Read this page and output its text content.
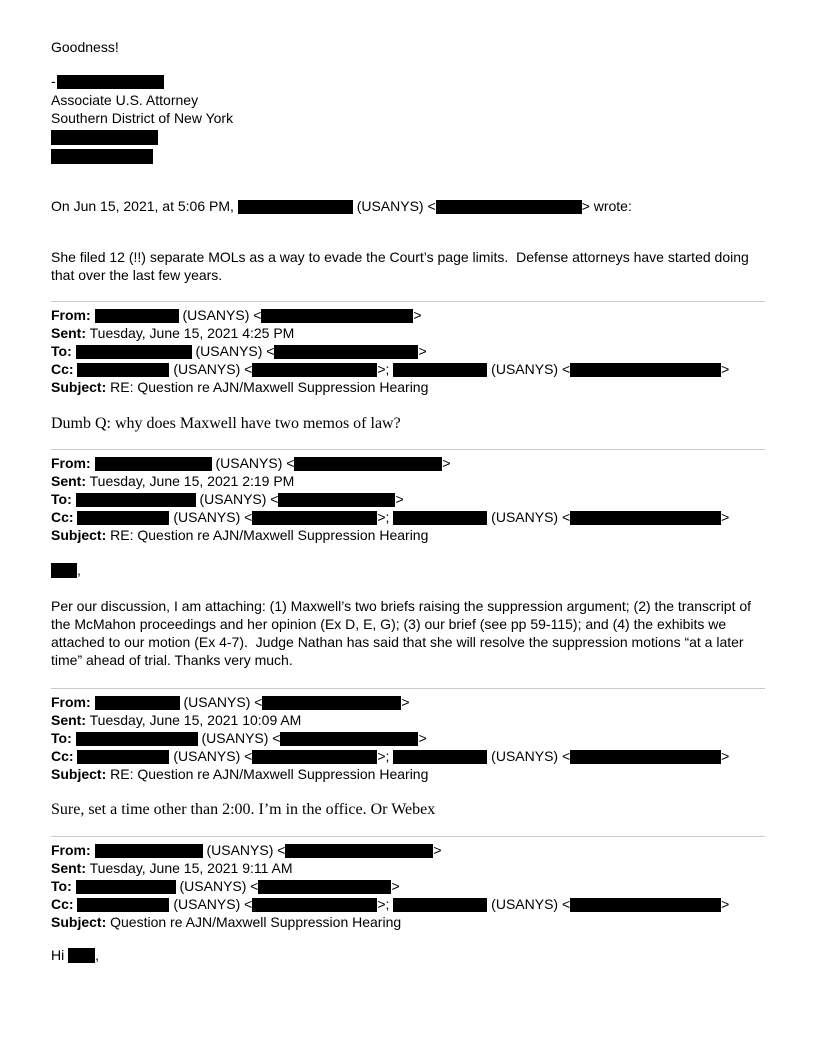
Goodness!
-
Associate U.S. Attorney
Southern District of New York
On Jun 15, 2021, at 5:06 PM,	(USANYS) <	> wrote:
She filed 12 (!!) separate MOLs as a way to evade the Court’s page limits.  Defense attorneys have started doing that over the last few years.
From:	(USANYS) <	>
Sent: Tuesday, June 15, 2021 4:25 PM
To:	(USANYS) <	>
Cc:	(USANYS) <	>;	(USANYS) <	>
Subject: RE: Question re AJN/Maxwell Suppression Hearing
Dumb Q: why does Maxwell have two memos of law?
From:	(USANYS) <	>
Sent: Tuesday, June 15, 2021 2:19 PM
To:	(USANYS) <	>
Cc:	(USANYS) <	>;	(USANYS) <	>
Subject: RE: Question re AJN/Maxwell Suppression Hearing
,
Per our discussion, I am attaching: (1) Maxwell’s two briefs raising the suppression argument; (2) the transcript of the McMahon proceedings and her opinion (Ex D, E, G); (3) our brief (see pp 59-115); and (4) the exhibits we attached to our motion (Ex 4-7).  Judge Nathan has said that she will resolve the suppression motions “at a later time” ahead of trial. Thanks very much.
From:	(USANYS) <	>
Sent: Tuesday, June 15, 2021 10:09 AM
To:	(USANYS) <	>
Cc:	(USANYS) <	>;	(USANYS) <	>
Subject: RE: Question re AJN/Maxwell Suppression Hearing
Sure, set a time other than 2:00. I’m in the office. Or Webex
From:	(USANYS) <	>
Sent: Tuesday, June 15, 2021 9:11 AM
To:	(USANYS) <	>
Cc:	(USANYS) <	>;	(USANYS) <	>
Subject: Question re AJN/Maxwell Suppression Hearing
Hi ,
